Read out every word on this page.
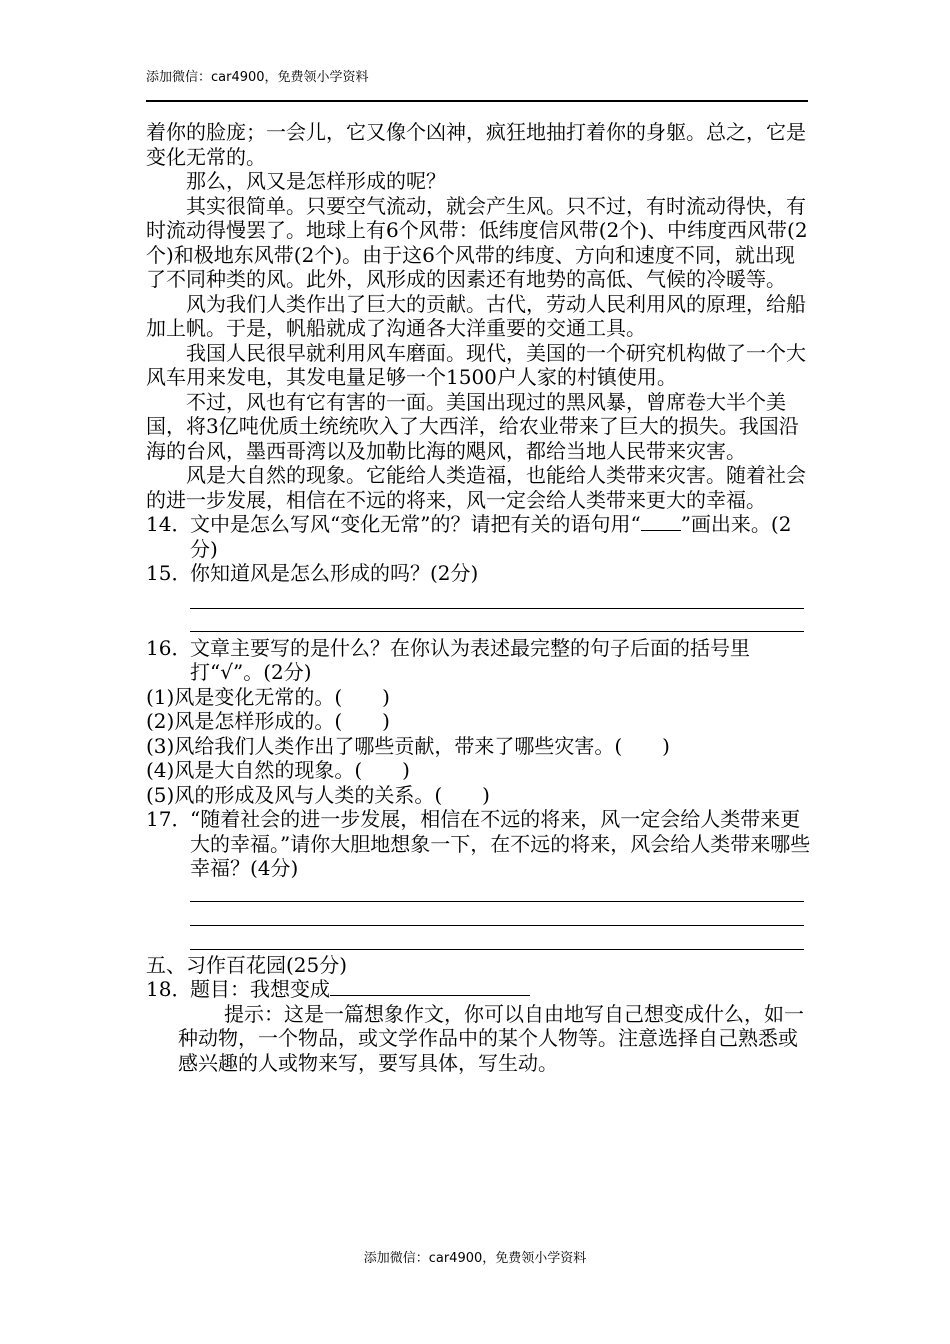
添加微信：car4900，免费领小学资料

着你的脸庞；一会儿，它又像个凶神，疯狂地抽打着你的身躯。总之，它是变化无常的。

那么，风又是怎样形成的呢？

其实很简单。只要空气流动，就会产生风。只不过，有时流动得快，有时流动得慢罢了。地球上有6个风带：低纬度信风带(2个)、中纬度西风带(2个)和极地东风带(2个)。由于这6个风带的纬度、方向和速度不同，就出现了不同种类的风。此外，风形成的因素还有地势的高低、气候的冷暖等。

风为我们人类作出了巨大的贡献。古代，劳动人民利用风的原理，给船加上帆。于是，帆船就成了沟通各大洋重要的交通工具。

我国人民很早就利用风车磨面。现代，美国的一个研究机构做了一个大风车用来发电，其发电量足够一个1500户人家的村镇使用。

不过，风也有它有害的一面。美国出现过的黑风暴，曾席卷大半个美国，将3亿吨优质土统统吹入了大西洋，给农业带来了巨大的损失。我国沿海的台风，墨西哥湾以及加勒比海的飓风，都给当地人民带来灾害。

风是大自然的现象。它能给人类造福，也能给人类带来灾害。随着社会的进一步发展，相信在不远的将来，风一定会给人类带来更大的幸福。

14．
文中是怎么写风“变化无常”的？请把有关的语句用“ ”画出来。(2分)
15．
你知道风是怎么形成的吗？(2分)
16．
文章主要写的是什么？在你认为表述最完整的句子后面的括号里打“√”。(2分)

(1)风是变化无常的。(　　)

(2)风是怎样形成的。(　　)

(3)风给我们人类作出了哪些贡献，带来了哪些灾害。(　　)

(4)风是大自然的现象。(　　)

(5)风的形成及风与人类的关系。(　　)

17．
“随着社会的进一步发展，相信在不远的将来，风一定会给人类带来更大的幸福。”请你大胆地想象一下，在不远的将来，风会给人类带来哪些幸福？(4分)

五、习作百花园(25分)

18．
题目：我想变成

提示：这是一篇想象作文，你可以自由地写自己想变成什么，如一种动物，一个物品，或文学作品中的某个人物等。注意选择自己熟悉或感兴趣的人或物来写，要写具体，写生动。

添加微信：car4900，免费领小学资料
